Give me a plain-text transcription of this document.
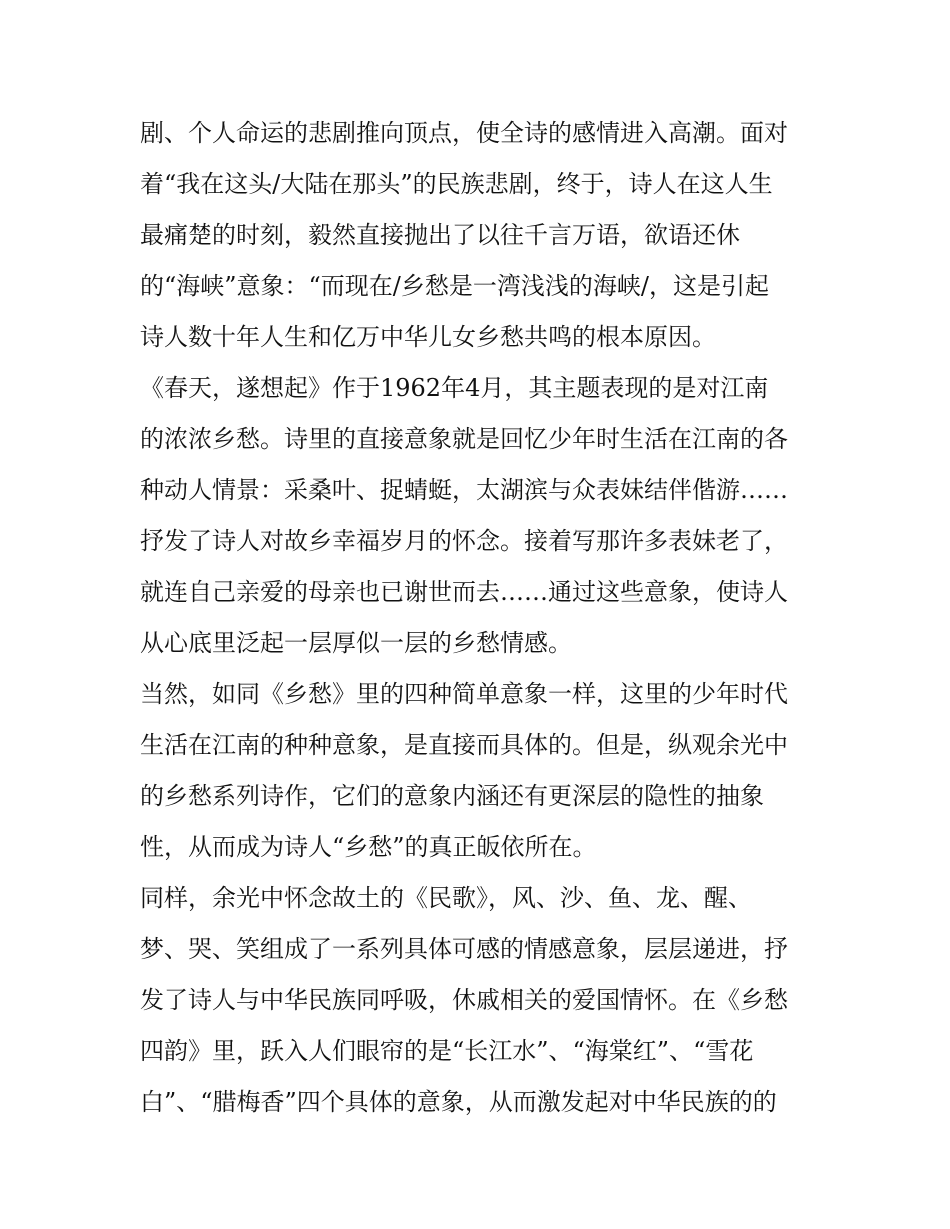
剧、个人命运的悲剧推向顶点，使全诗的感情进入高潮。面对
着“我在这头/大陆在那头”的民族悲剧，终于，诗人在这人生
最痛楚的时刻，毅然直接抛出了以往千言万语，欲语还休
的“海峡”意象：“而现在/乡愁是一湾浅浅的海峡/，这是引起
诗人数十年人生和亿万中华儿女乡愁共鸣的根本原因。
《春天，遂想起》作于1962年4月，其主题表现的是对江南
的浓浓乡愁。诗里的直接意象就是回忆少年时生活在江南的各
种动人情景：采桑叶、捉蜻蜓，太湖滨与众表妹结伴偕游……
抒发了诗人对故乡幸福岁月的怀念。接着写那许多表妹老了，
就连自己亲爱的母亲也已谢世而去……通过这些意象，使诗人
从心底里泛起一层厚似一层的乡愁情感。
当然，如同《乡愁》里的四种简单意象一样，这里的少年时代
生活在江南的种种意象，是直接而具体的。但是，纵观余光中
的乡愁系列诗作，它们的意象内涵还有更深层的隐性的抽象
性，从而成为诗人“乡愁”的真正皈依所在。
同样，余光中怀念故土的《民歌》，风、沙、鱼、龙、醒、
梦、哭、笑组成了一系列具体可感的情感意象，层层递进，抒
发了诗人与中华民族同呼吸，休戚相关的爱国情怀。在《乡愁
四韵》里，跃入人们眼帘的是“长江水”、“海棠红”、“雪花
白”、“腊梅香”四个具体的意象，从而激发起对中华民族的的
